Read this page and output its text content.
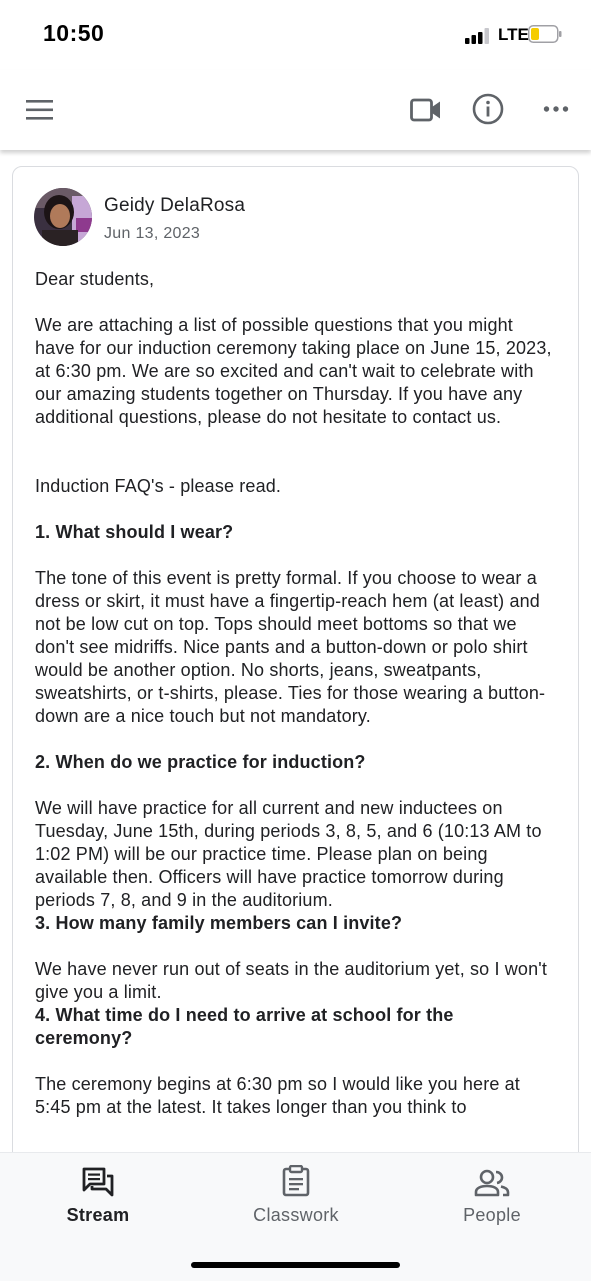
10:50	LTE
Geidy DelaRosa
Jun 13, 2023

Dear students,

We are attaching a list of possible questions that you might have for our induction ceremony taking place on June 15, 2023, at 6:30 pm. We are so excited and can't wait to celebrate with our amazing students together on Thursday. If you have any additional questions, please do not hesitate to contact us.

Induction FAQ's - please read.

1. What should I wear?

The tone of this event is pretty formal. If you choose to wear a dress or skirt, it must have a fingertip-reach hem (at least) and not be low cut on top. Tops should meet bottoms so that we don't see midriffs. Nice pants and a button-down or polo shirt would be another option. No shorts, jeans, sweatpants, sweatshirts, or t-shirts, please. Ties for those wearing a button-down are a nice touch but not mandatory.

2. When do we practice for induction?

We will have practice for all current and new inductees on Tuesday, June 15th, during periods 3, 8, 5, and 6 (10:13 AM to 1:02 PM) will be our practice time. Please plan on being available then. Officers will have practice tomorrow during periods 7, 8, and 9 in the auditorium.

3. How many family members can I invite?

We have never run out of seats in the auditorium yet, so I won't give you a limit.

4. What time do I need to arrive at school for the ceremony?

The ceremony begins at 6:30 pm so I would like you here at 5:45 pm at the latest. It takes longer than you think to

Stream	Classwork	People
